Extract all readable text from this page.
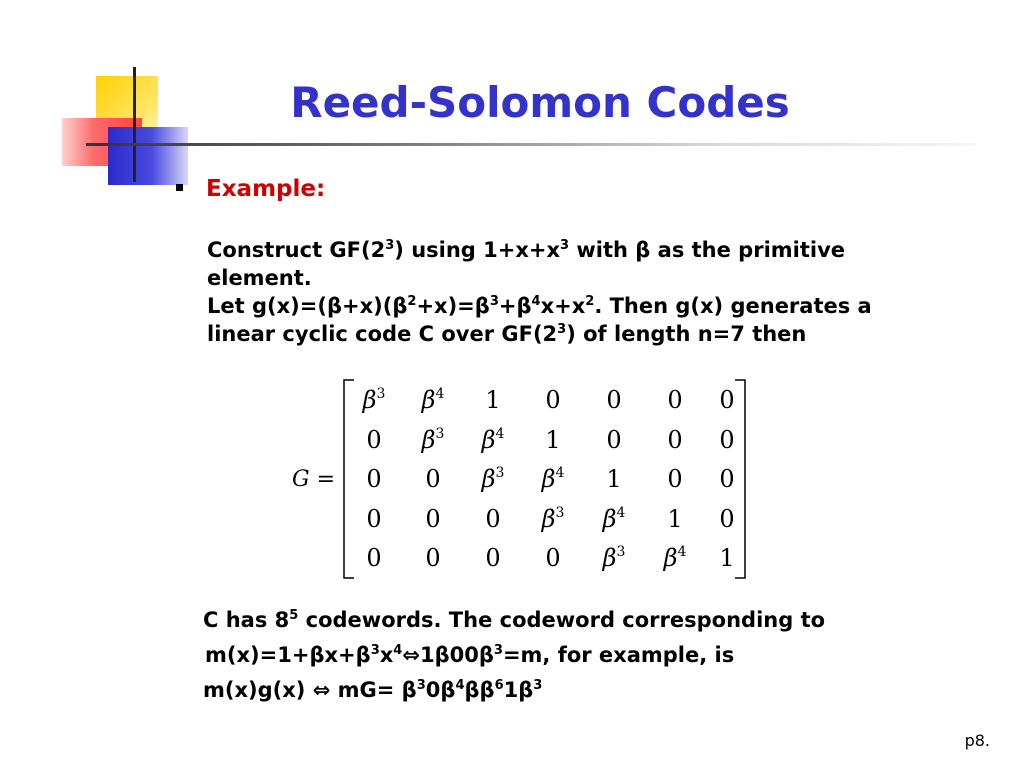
Reed-Solomon Codes
Example:
Construct $GF(2^3)$ using $1+x+x^3$ with β as the primitive
element.
Let $g(x)=(\beta+x)(\beta^2+x)=\beta^3+\beta^4x+x^2$. Then g(x) generates a
linear cyclic code C over $GF(2^3)$ of length n=7 then
G =
$\beta^3$ $\beta^4$ 1 0 0 0 0
0 $\beta^3$ $\beta^4$ 1 0 0 0
0 0 $\beta^3$ $\beta^4$ 1 0 0
0 0 0 $\beta^3$ $\beta^4$ 1 0
0 0 0 0 $\beta^3$ $\beta^4$ 1
C has $8^5$ codewords. The codeword corresponding to
$m(x)=1+\beta x+\beta^3x^4\Leftrightarrow 1\beta 00\beta^3=m$, for example, is
m(x)g(x) ⇔ $mG= \beta^30\beta^4\beta\beta^61\beta^3$
p8.
